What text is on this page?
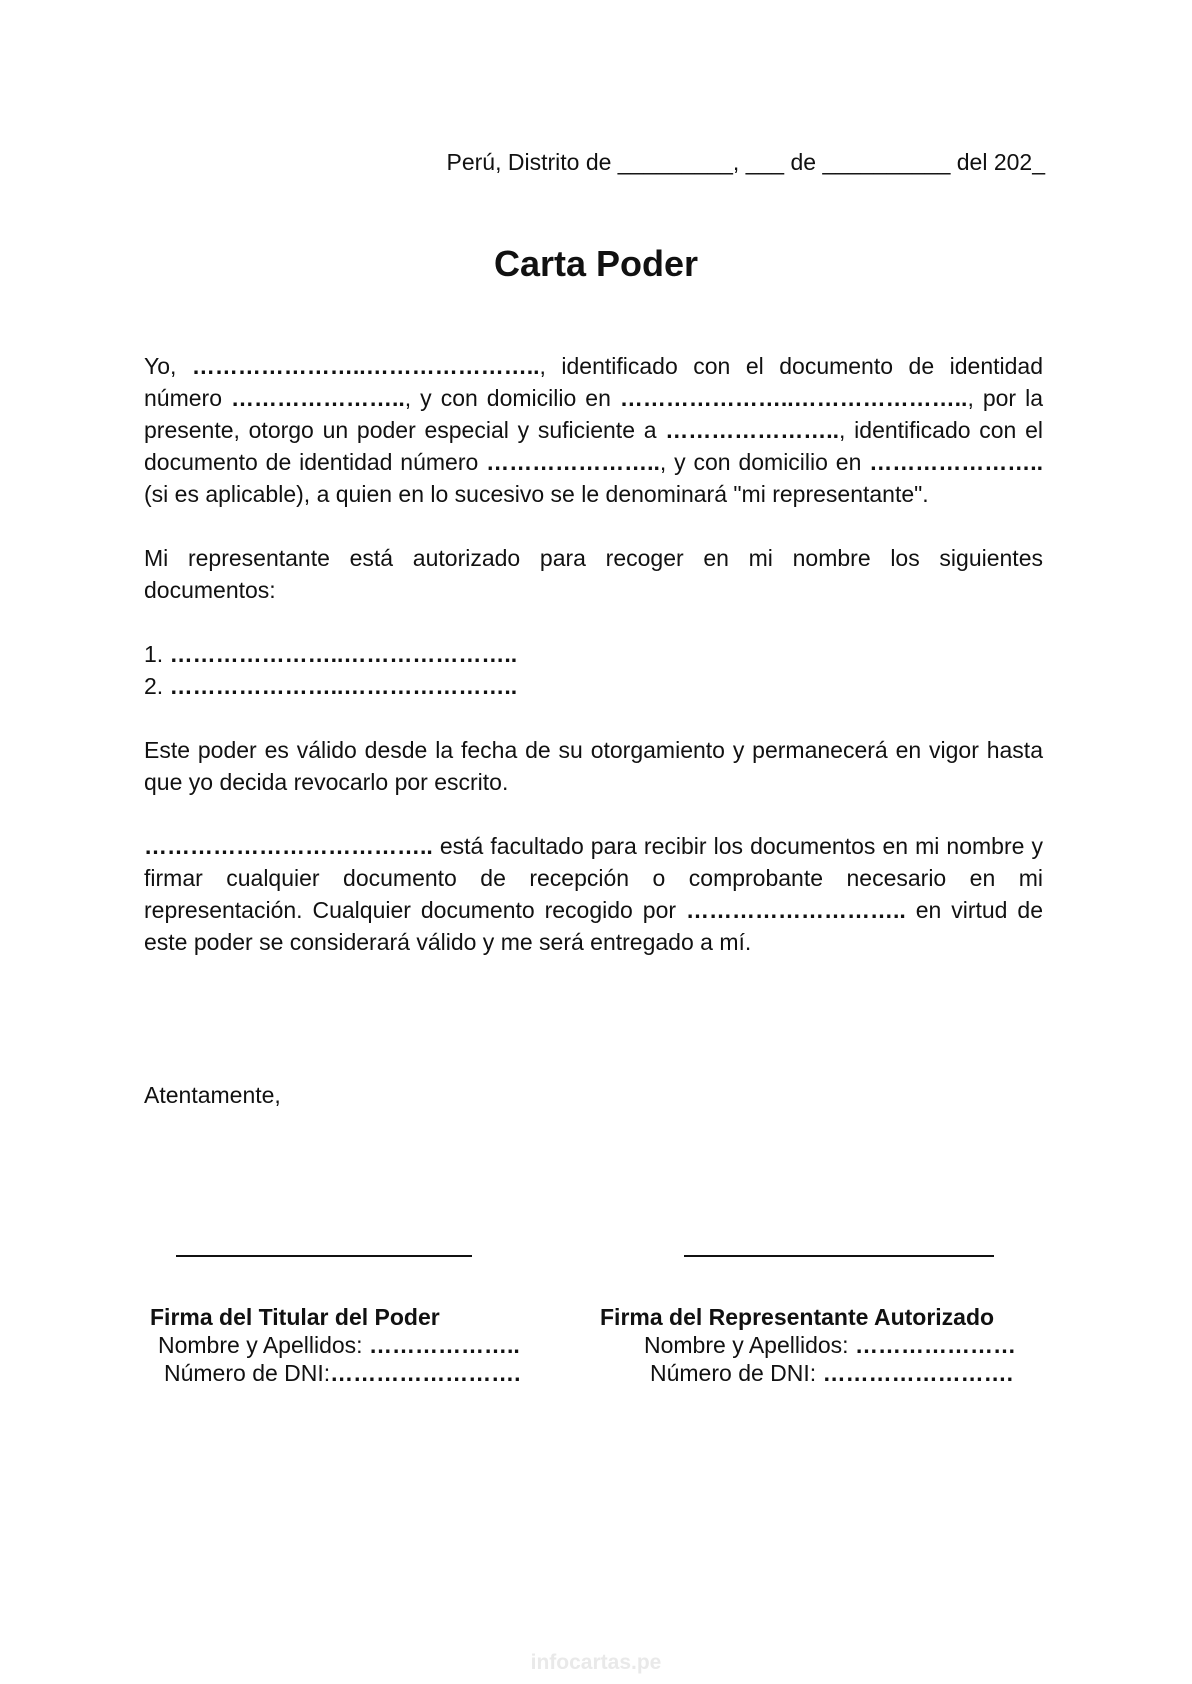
Perú, Distrito de _________, ___ de __________ del 202_
Carta Poder

Yo, …………………..………………….., identificado con el documento de identidad número ………………….., y con domicilio en …………………..………………….., por la presente, otorgo un poder especial y suficiente a ………………….., identificado con el documento de identidad número ………………….., y con domicilio en ………………….. (si es aplicable), a quien en lo sucesivo se le denominará "mi representante".

Mi representante está autorizado para recoger en mi nombre los siguientes documentos:

1. …………………..…………………..
2. …………………..…………………..

Este poder es válido desde la fecha de su otorgamiento y permanecerá en vigor hasta que yo decida revocarlo por escrito.

……………………………….. está facultado para recibir los documentos en mi nombre y firmar cualquier documento de recepción o comprobante necesario en mi representación. Cualquier documento recogido por ……………………….. en virtud de este poder se considerará válido y me será entregado a mí.

Atentamente,
Firma del Titular del Poder
Nombre y Apellidos: ………………..
Número de DNI:…………………….
Firma del Representante Autorizado
Nombre y Apellidos: …………………
Número de DNI: …………………….
infocartas.pe
